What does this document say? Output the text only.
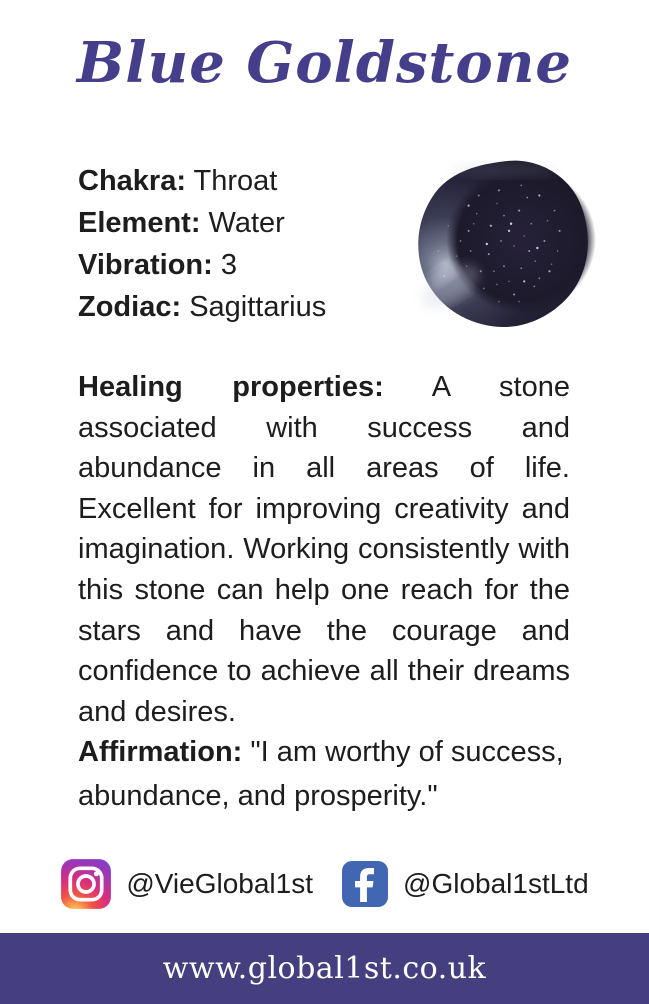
Blue Goldstone
Chakra: Throat
Element: Water
Vibration: 3
Zodiac: Sagittarius

Healing properties: A stone associated with success and abundance in all areas of life. Excellent for improving creativity and imagination. Working consistently with this stone can help one reach for the stars and have the courage and confidence to achieve all their dreams and desires.

Affirmation: "I am worthy of success, abundance, and prosperity."

@VieGlobal1st	@Global1stLtd
www.global1st.co.uk
